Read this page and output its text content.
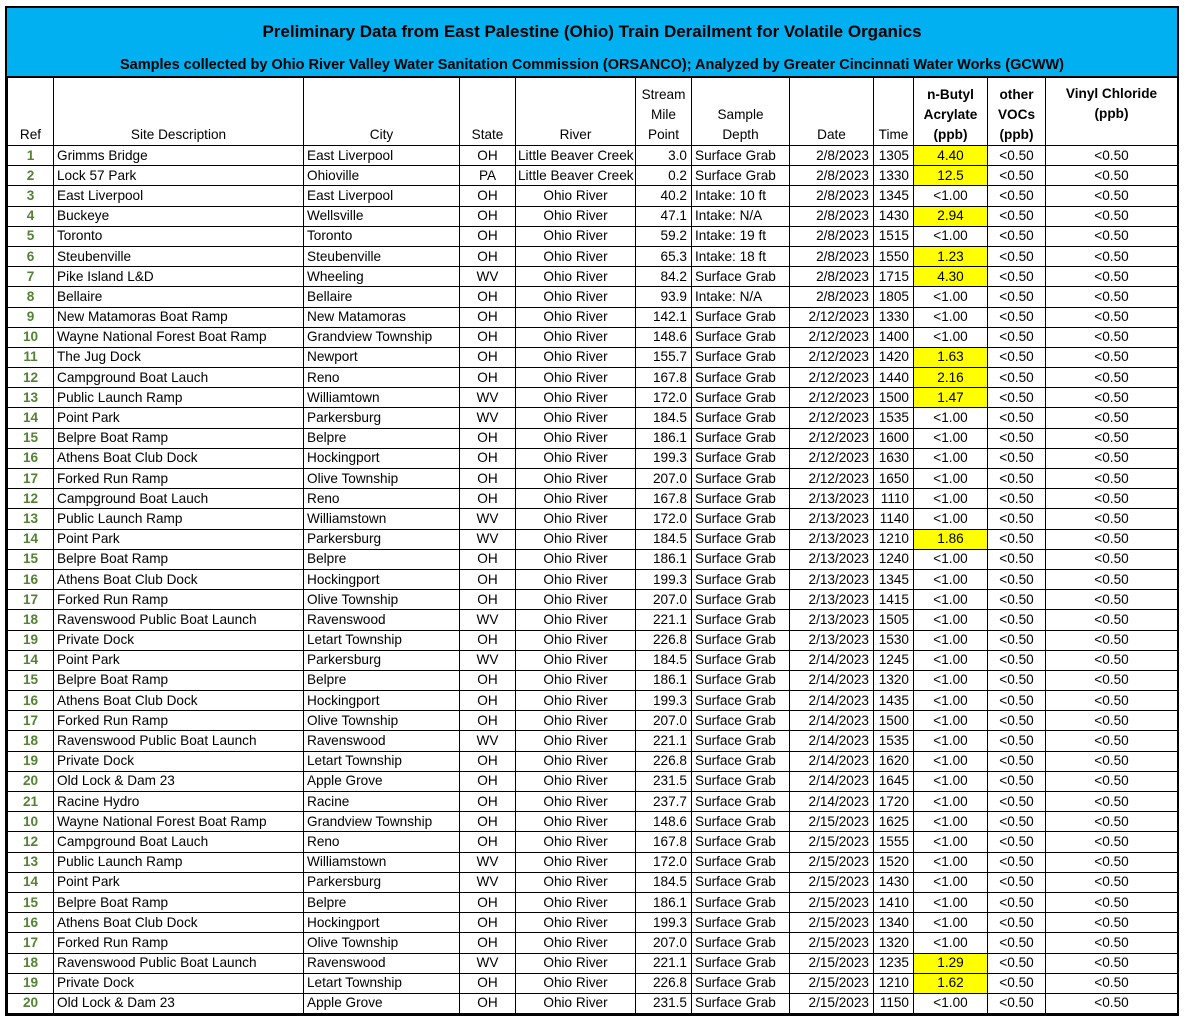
Preliminary Data from East Palestine (Ohio) Train Derailment for Volatile Organics
Samples collected by Ohio River Valley Water Sanitation Commission (ORSANCO); Analyzed by Greater Cincinnati Water Works (GCWW)
Ref	Site Description	City	State	River	Stream
Mile
Point	Sample
Depth	Date	Time	n-Butyl
Acrylate
(ppb)	other
VOCs
(ppb)	Vinyl Chloride
(ppb)
1	Grimms Bridge	East Liverpool	OH	Little Beaver Creek	3.0	Surface Grab	2/8/2023	1305	4.40	<0.50	<0.50
2	Lock 57 Park	Ohioville	PA	Little Beaver Creek	0.2	Surface Grab	2/8/2023	1330	12.5	<0.50	<0.50
3	East Liverpool	East Liverpool	OH	Ohio River	40.2	Intake: 10 ft	2/8/2023	1345	<1.00	<0.50	<0.50
4	Buckeye	Wellsville	OH	Ohio River	47.1	Intake: N/A	2/8/2023	1430	2.94	<0.50	<0.50
5	Toronto	Toronto	OH	Ohio River	59.2	Intake: 19 ft	2/8/2023	1515	<1.00	<0.50	<0.50
6	Steubenville	Steubenville	OH	Ohio River	65.3	Intake: 18 ft	2/8/2023	1550	1.23	<0.50	<0.50
7	Pike Island L&D	Wheeling	WV	Ohio River	84.2	Surface Grab	2/8/2023	1715	4.30	<0.50	<0.50
8	Bellaire	Bellaire	OH	Ohio River	93.9	Intake: N/A	2/8/2023	1805	<1.00	<0.50	<0.50
9	New Matamoras Boat Ramp	New Matamoras	OH	Ohio River	142.1	Surface Grab	2/12/2023	1330	<1.00	<0.50	<0.50
10	Wayne National Forest Boat Ramp	Grandview Township	OH	Ohio River	148.6	Surface Grab	2/12/2023	1400	<1.00	<0.50	<0.50
11	The Jug Dock	Newport	OH	Ohio River	155.7	Surface Grab	2/12/2023	1420	1.63	<0.50	<0.50
12	Campground Boat Lauch	Reno	OH	Ohio River	167.8	Surface Grab	2/12/2023	1440	2.16	<0.50	<0.50
13	Public Launch Ramp	Williamtown	WV	Ohio River	172.0	Surface Grab	2/12/2023	1500	1.47	<0.50	<0.50
14	Point Park	Parkersburg	WV	Ohio River	184.5	Surface Grab	2/12/2023	1535	<1.00	<0.50	<0.50
15	Belpre Boat Ramp	Belpre	OH	Ohio River	186.1	Surface Grab	2/12/2023	1600	<1.00	<0.50	<0.50
16	Athens Boat Club Dock	Hockingport	OH	Ohio River	199.3	Surface Grab	2/12/2023	1630	<1.00	<0.50	<0.50
17	Forked Run Ramp	Olive Township	OH	Ohio River	207.0	Surface Grab	2/12/2023	1650	<1.00	<0.50	<0.50
12	Campground Boat Lauch	Reno	OH	Ohio River	167.8	Surface Grab	2/13/2023	1110	<1.00	<0.50	<0.50
13	Public Launch Ramp	Williamstown	WV	Ohio River	172.0	Surface Grab	2/13/2023	1140	<1.00	<0.50	<0.50
14	Point Park	Parkersburg	WV	Ohio River	184.5	Surface Grab	2/13/2023	1210	1.86	<0.50	<0.50
15	Belpre Boat Ramp	Belpre	OH	Ohio River	186.1	Surface Grab	2/13/2023	1240	<1.00	<0.50	<0.50
16	Athens Boat Club Dock	Hockingport	OH	Ohio River	199.3	Surface Grab	2/13/2023	1345	<1.00	<0.50	<0.50
17	Forked Run Ramp	Olive Township	OH	Ohio River	207.0	Surface Grab	2/13/2023	1415	<1.00	<0.50	<0.50
18	Ravenswood Public Boat Launch	Ravenswood	WV	Ohio River	221.1	Surface Grab	2/13/2023	1505	<1.00	<0.50	<0.50
19	Private Dock	Letart Township	OH	Ohio River	226.8	Surface Grab	2/13/2023	1530	<1.00	<0.50	<0.50
14	Point Park	Parkersburg	WV	Ohio River	184.5	Surface Grab	2/14/2023	1245	<1.00	<0.50	<0.50
15	Belpre Boat Ramp	Belpre	OH	Ohio River	186.1	Surface Grab	2/14/2023	1320	<1.00	<0.50	<0.50
16	Athens Boat Club Dock	Hockingport	OH	Ohio River	199.3	Surface Grab	2/14/2023	1435	<1.00	<0.50	<0.50
17	Forked Run Ramp	Olive Township	OH	Ohio River	207.0	Surface Grab	2/14/2023	1500	<1.00	<0.50	<0.50
18	Ravenswood Public Boat Launch	Ravenswood	WV	Ohio River	221.1	Surface Grab	2/14/2023	1535	<1.00	<0.50	<0.50
19	Private Dock	Letart Township	OH	Ohio River	226.8	Surface Grab	2/14/2023	1620	<1.00	<0.50	<0.50
20	Old Lock & Dam 23	Apple Grove	OH	Ohio River	231.5	Surface Grab	2/14/2023	1645	<1.00	<0.50	<0.50
21	Racine Hydro	Racine	OH	Ohio River	237.7	Surface Grab	2/14/2023	1720	<1.00	<0.50	<0.50
10	Wayne National Forest Boat Ramp	Grandview Township	OH	Ohio River	148.6	Surface Grab	2/15/2023	1625	<1.00	<0.50	<0.50
12	Campground Boat Lauch	Reno	OH	Ohio River	167.8	Surface Grab	2/15/2023	1555	<1.00	<0.50	<0.50
13	Public Launch Ramp	Williamstown	WV	Ohio River	172.0	Surface Grab	2/15/2023	1520	<1.00	<0.50	<0.50
14	Point Park	Parkersburg	WV	Ohio River	184.5	Surface Grab	2/15/2023	1430	<1.00	<0.50	<0.50
15	Belpre Boat Ramp	Belpre	OH	Ohio River	186.1	Surface Grab	2/15/2023	1410	<1.00	<0.50	<0.50
16	Athens Boat Club Dock	Hockingport	OH	Ohio River	199.3	Surface Grab	2/15/2023	1340	<1.00	<0.50	<0.50
17	Forked Run Ramp	Olive Township	OH	Ohio River	207.0	Surface Grab	2/15/2023	1320	<1.00	<0.50	<0.50
18	Ravenswood Public Boat Launch	Ravenswood	WV	Ohio River	221.1	Surface Grab	2/15/2023	1235	1.29	<0.50	<0.50
19	Private Dock	Letart Township	OH	Ohio River	226.8	Surface Grab	2/15/2023	1210	1.62	<0.50	<0.50
20	Old Lock & Dam 23	Apple Grove	OH	Ohio River	231.5	Surface Grab	2/15/2023	1150	<1.00	<0.50	<0.50
